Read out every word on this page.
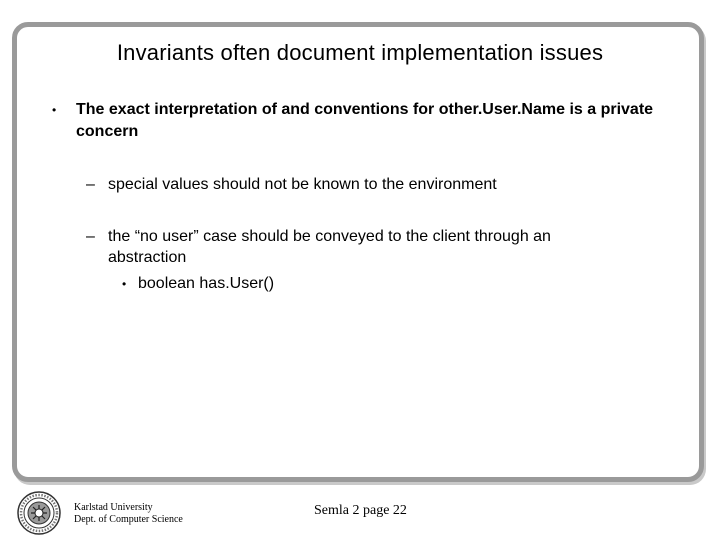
Invariants often document implementation issues
• The exact interpretation of and conventions for other.User.Name is a private concern
– special values should not be known to the environment
– the “no user” case should be conveyed to the client through an abstraction
• boolean has.User()
Karlstad University
Dept. of Computer Science
Semla 2 page 22
